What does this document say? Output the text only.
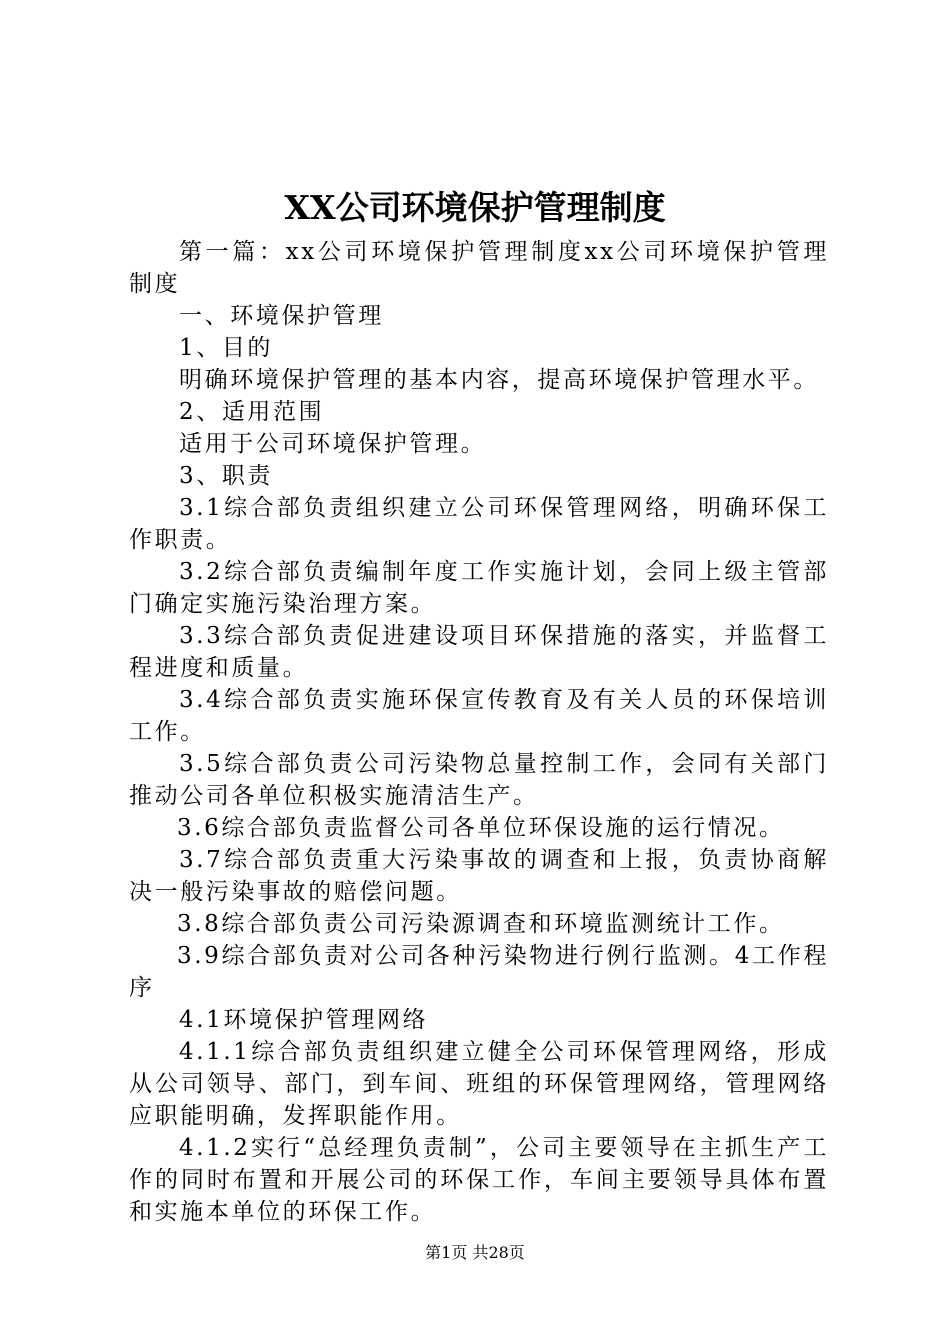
XX公司环境保护管理制度

第一篇：xx公司环境保护管理制度xx公司环境保护管理制度

一、环境保护管理

1、目的

明确环境保护管理的基本内容，提高环境保护管理水平。

2、适用范围

适用于公司环境保护管理。

3、职责

3.1综合部负责组织建立公司环保管理网络，明确环保工作职责。

3.2综合部负责编制年度工作实施计划，会同上级主管部门确定实施污染治理方案。

3.3综合部负责促进建设项目环保措施的落实，并监督工程进度和质量。

3.4综合部负责实施环保宣传教育及有关人员的环保培训工作。

3.5综合部负责公司污染物总量控制工作，会同有关部门推动公司各单位积极实施清洁生产。

3.6综合部负责监督公司各单位环保设施的运行情况。

3.7综合部负责重大污染事故的调查和上报，负责协商解决一般污染事故的赔偿问题。

3.8综合部负责公司污染源调查和环境监测统计工作。

3.9综合部负责对公司各种污染物进行例行监测。4工作程序

4.1环境保护管理网络

4.1.1综合部负责组织建立健全公司环保管理网络，形成从公司领导、部门，到车间、班组的环保管理网络，管理网络应职能明确，发挥职能作用。

4.1.2实行“总经理负责制”，公司主要领导在主抓生产工作的同时布置和开展公司的环保工作，车间主要领导具体布置和实施本单位的环保工作。

第1页 共28页
